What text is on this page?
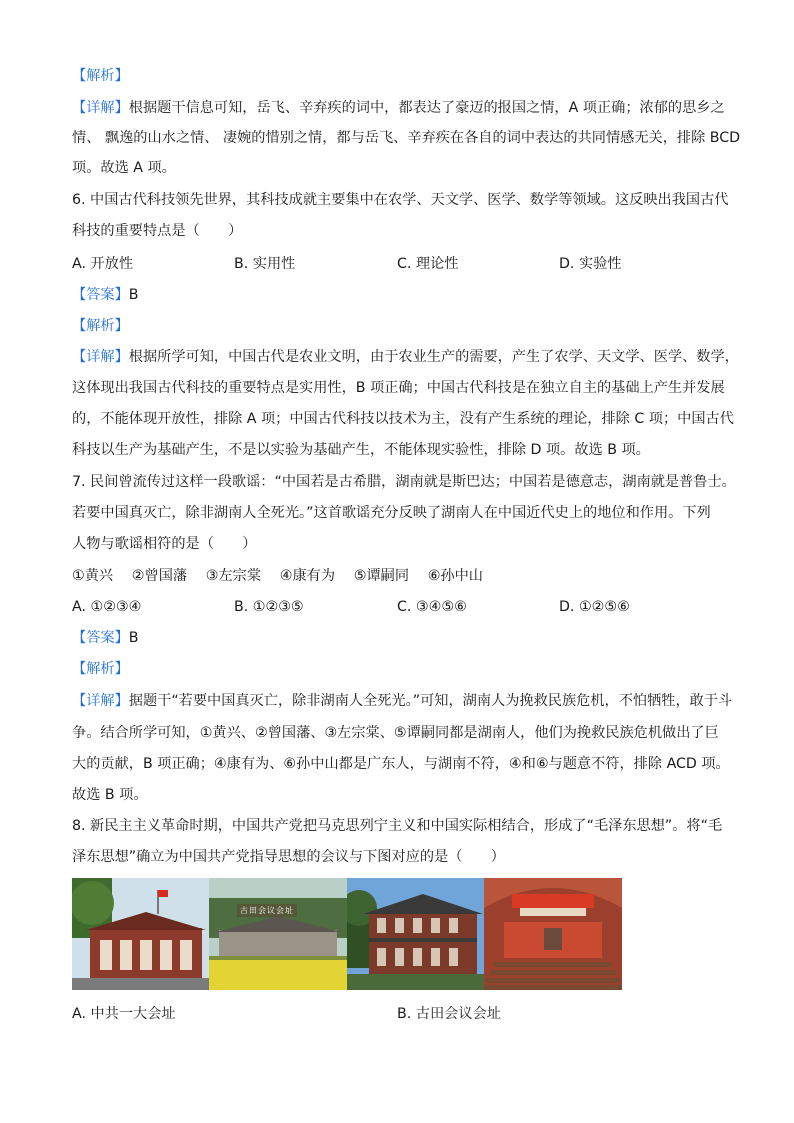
【解析】
【详解】根据题干信息可知，岳飞、辛弃疾的词中，都表达了豪迈的报国之情，A 项正确；浓郁的思乡之
情、 飘逸的山水之情、 凄婉的惜别之情，都与岳飞、辛弃疾在各自的词中表达的共同情感无关，排除 BCD
项。故选 A 项。
6. 中国古代科技领先世界，其科技成就主要集中在农学、天文学、医学、数学等领域。这反映出我国古代
科技的重要特点是（　　）
A. 开放性	B. 实用性	C. 理论性	D. 实验性
【答案】B
【解析】
【详解】根据所学可知，中国古代是农业文明，由于农业生产的需要，产生了农学、天文学、医学、数学，
这体现出我国古代科技的重要特点是实用性，B 项正确；中国古代科技是在独立自主的基础上产生并发展
的，不能体现开放性，排除 A 项；中国古代科技以技术为主，没有产生系统的理论，排除 C 项；中国古代
科技以生产为基础产生，不是以实验为基础产生，不能体现实验性，排除 D 项。故选 B 项。
7. 民间曾流传过这样一段歌谣：“中国若是古希腊，湖南就是斯巴达；中国若是德意志，湖南就是普鲁士。
若要中国真灭亡，除非湖南人全死光。”这首歌谣充分反映了湖南人在中国近代史上的地位和作用。下列
人物与歌谣相符的是（　　）
①黄兴　 ②曾国藩　 ③左宗棠　 ④康有为　 ⑤谭嗣同　 ⑥孙中山
A. ①②③④	B. ①②③⑤	C. ③④⑤⑥	D. ①②⑤⑥
【答案】B
【解析】
【详解】据题干“若要中国真灭亡，除非湖南人全死光。”可知，湖南人为挽救民族危机，不怕牺牲，敢于斗
争。结合所学可知，①黄兴、②曾国藩、③左宗棠、⑤谭嗣同都是湖南人，他们为挽救民族危机做出了巨
大的贡献，B 项正确；④康有为、⑥孙中山都是广东人，与湖南不符，④和⑥与题意不符，排除 ACD 项。
故选 B 项。
8. 新民主主义革命时期，中国共产党把马克思列宁主义和中国实际相结合，形成了“毛泽东思想”。将“毛
泽东思想”确立为中国共产党指导思想的会议与下图对应的是（　　）
古田会议会址
A. 中共一大会址	B. 古田会议会址
